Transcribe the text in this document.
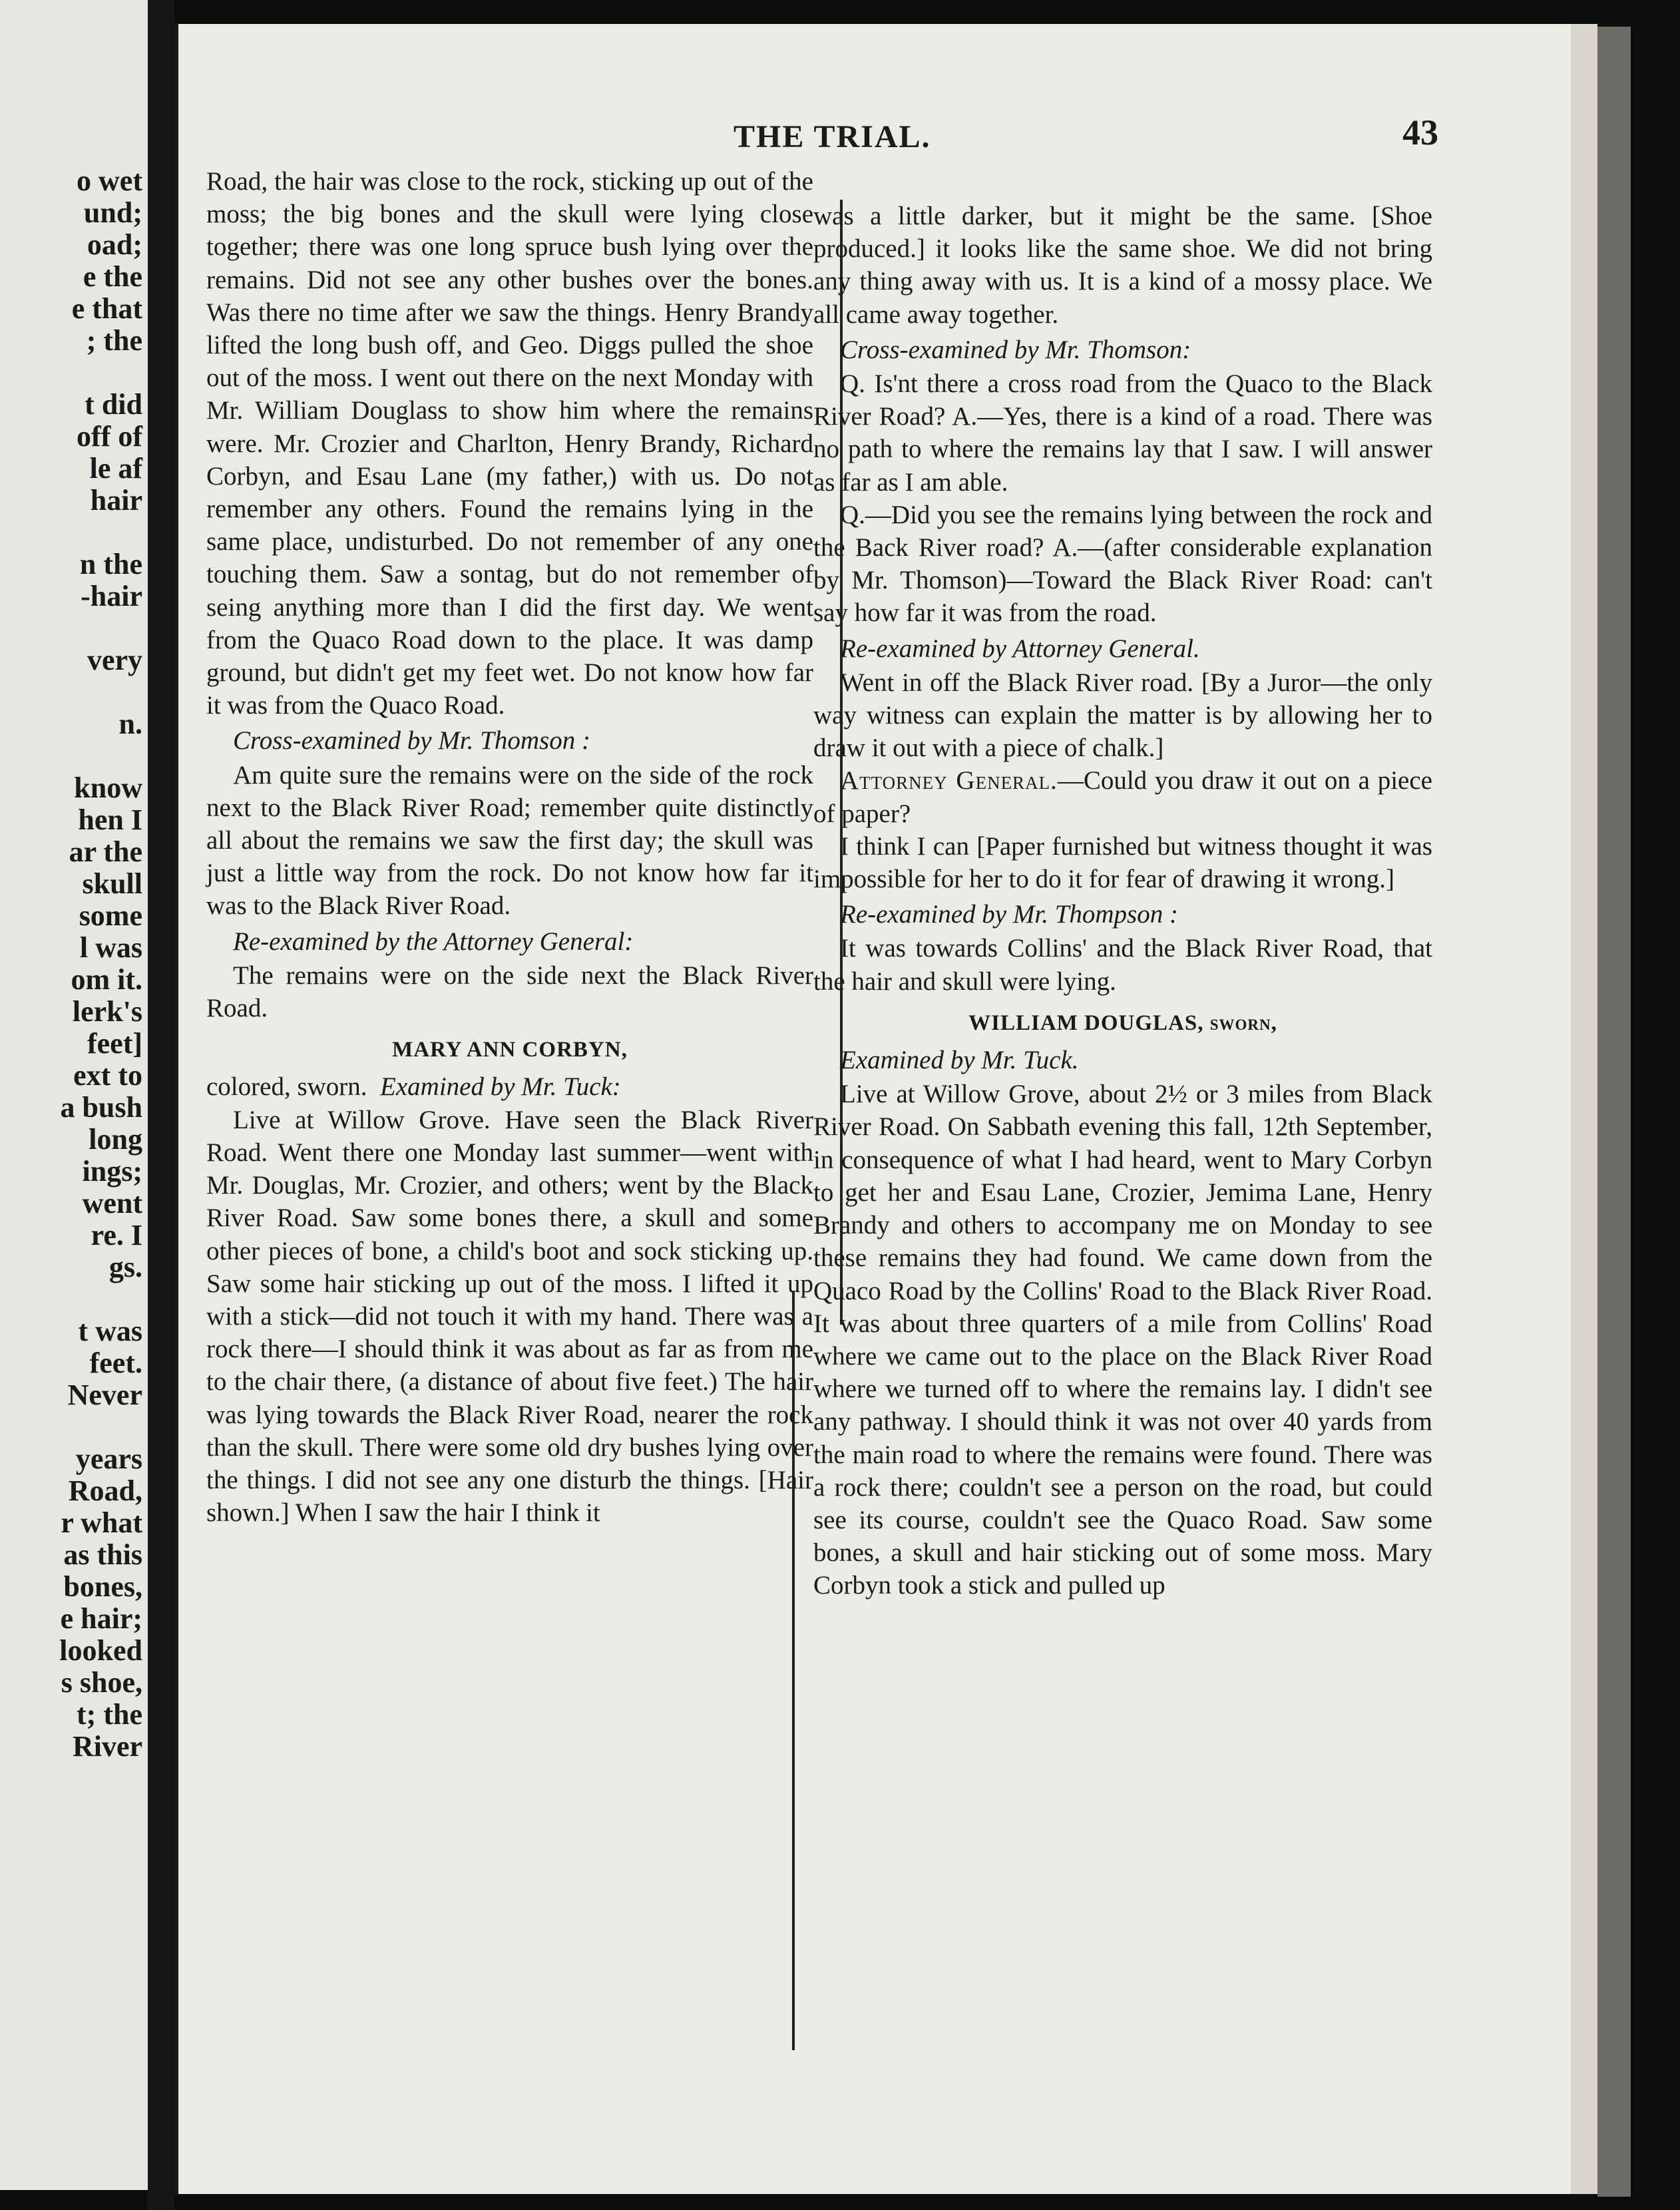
o wet
und;
oad;
e the
e that
; the
t did
off of
le af
hair
n the
-hair
very
n.
know
hen I
ar the
skull
some
l was
om it.
lerk's
feet]
ext to
a bush
long
ings;
went
re. I
gs.
t was
feet.
Never
years
Road,
r what
as this
bones,
e hair;
looked
s shoe,
t; the
River
THE TRIAL.	43

Road, the hair was close to the rock, sticking up out of the moss; the big bones and the skull were lying close together; there was one long spruce bush lying over the remains. Did not see any other bushes over the bones. Was there no time after we saw the things. Henry Brandy lifted the long bush off, and Geo. Diggs pulled the shoe out of the moss. I went out there on the next Monday with Mr. William Douglass to show him where the remains were. Mr. Crozier and Charlton, Henry Brandy, Richard Corbyn, and Esau Lane (my father,) with us. Do not remember any others. Found the remains lying in the same place, undisturbed. Do not remember of any one touching them. Saw a sontag, but do not remember of seing anything more than I did the first day. We went from the Quaco Road down to the place. It was damp ground, but didn't get my feet wet. Do not know how far it was from the Quaco Road.

Cross-examined by Mr. Thomson :

Am quite sure the remains were on the side of the rock next to the Black River Road; remember quite distinctly all about the remains we saw the first day; the skull was just a little way from the rock. Do not know how far it was to the Black River Road.

Re-examined by the Attorney General:

The remains were on the side next the Black River Road.

MARY ANN CORBYN,

colored, sworn. Examined by Mr. Tuck:

Live at Willow Grove. Have seen the Black River Road. Went there one Monday last summer—went with Mr. Douglas, Mr. Crozier, and others; went by the Black River Road. Saw some bones there, a skull and some other pieces of bone, a child's boot and sock sticking up. Saw some hair sticking up out of the moss. I lifted it up with a stick—did not touch it with my hand. There was a rock there—I should think it was about as far as from me to the chair there, (a distance of about five feet.) The hair was lying towards the Black River Road, nearer the rock than the skull. There were some old dry bushes lying over the things. I did not see any one disturb the things. [Hair shown.] When I saw the hair I think it

was a little darker, but it might be the same. [Shoe produced.] it looks like the same shoe. We did not bring any thing away with us. It is a kind of a mossy place. We all came away together.

Cross-examined by Mr. Thomson:

Q. Is'nt there a cross road from the Quaco to the Black River Road? A.—Yes, there is a kind of a road. There was no path to where the remains lay that I saw. I will answer as far as I am able.

Q.—Did you see the remains lying between the rock and the Back River road? A.—(after considerable explanation by Mr. Thomson)—Toward the Black River Road: can't say how far it was from the road.

Re-examined by Attorney General.

Went in off the Black River road. [By a Juror—the only way witness can explain the matter is by allowing her to draw it out with a piece of chalk.]

Attorney General.—Could you draw it out on a piece of paper?

I think I can [Paper furnished but witness thought it was impossible for her to do it for fear of drawing it wrong.]

Re-examined by Mr. Thompson :

It was towards Collins' and the Black River Road, that the hair and skull were lying.

WILLIAM DOUGLAS, sworn,

Examined by Mr. Tuck.

Live at Willow Grove, about 2½ or 3 miles from Black River Road. On Sabbath evening this fall, 12th September, in consequence of what I had heard, went to Mary Corbyn to get her and Esau Lane, Crozier, Jemima Lane, Henry Brandy and others to accompany me on Monday to see these remains they had found. We came down from the Quaco Road by the Collins' Road to the Black River Road. It was about three quarters of a mile from Collins' Road where we came out to the place on the Black River Road where we turned off to where the remains lay. I didn't see any pathway. I should think it was not over 40 yards from the main road to where the remains were found. There was a rock there; couldn't see a person on the road, but could see its course, couldn't see the Quaco Road. Saw some bones, a skull and hair sticking out of some moss. Mary Corbyn took a stick and pulled up
